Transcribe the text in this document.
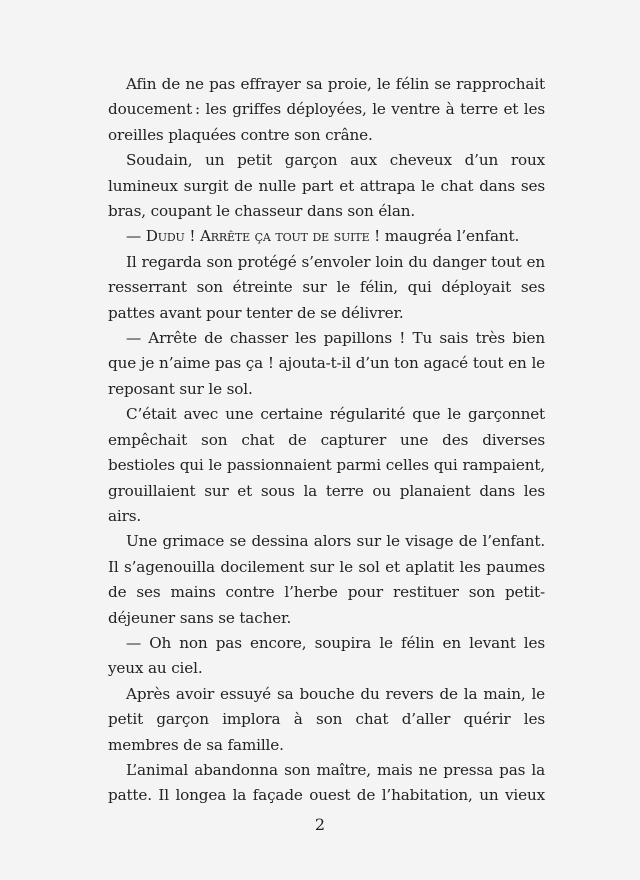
Afin de ne pas effrayer sa proie, le félin se rapprochait doucement : les griffes déployées, le ventre à terre et les oreilles plaquées contre son crâne.

Soudain, un petit garçon aux cheveux d’un roux lumineux surgit de nulle part et attrapa le chat dans ses bras, coupant le chasseur dans son élan.

— Dudu ! Arrête ça tout de suite ! maugréa l’enfant.

Il regarda son protégé s’envoler loin du danger tout en resserrant son étreinte sur le félin, qui déployait ses pattes avant pour tenter de se délivrer.

— Arrête de chasser les papillons ! Tu sais très bien que je n’aime pas ça ! ajouta-t-il d’un ton agacé tout en le reposant sur le sol.

C’était avec une certaine régularité que le garçonnet empêchait son chat de capturer une des diverses bestioles qui le passionnaient parmi celles qui rampaient, grouillaient sur et sous la terre ou planaient dans les airs.

Une grimace se dessina alors sur le visage de l’enfant. Il s’agenouilla docilement sur le sol et aplatit les paumes de ses mains contre l’herbe pour restituer son petit-déjeuner sans se tacher.

— Oh non pas encore, soupira le félin en levant les yeux au ciel.

Après avoir essuyé sa bouche du revers de la main, le petit garçon implora à son chat d’aller quérir les membres de sa famille.

L’animal abandonna son maître, mais ne pressa pas la patte. Il longea la façade ouest de l’habitation, un vieux

2
